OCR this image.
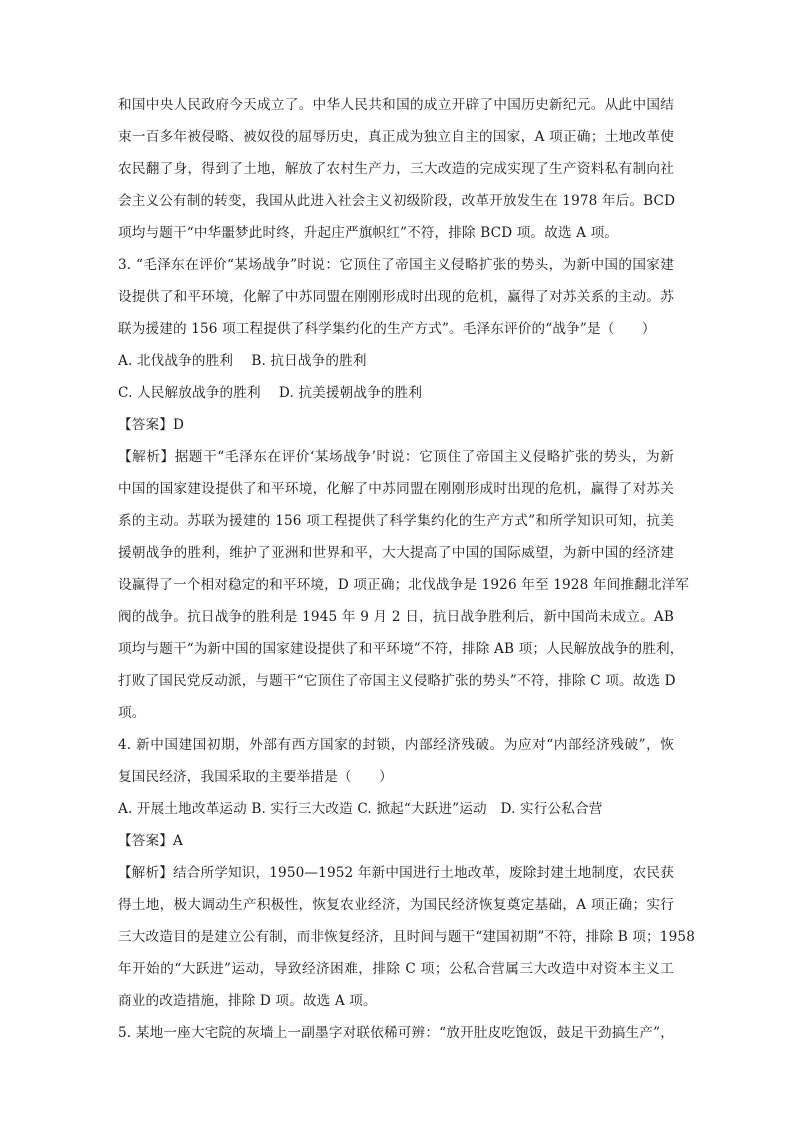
和国中央人民政府今天成立了。中华人民共和国的成立开辟了中国历史新纪元。从此中国结
束一百多年被侵略、被奴役的屈辱历史，真正成为独立自主的国家，A 项正确；土地改革使
农民翻了身，得到了土地，解放了农村生产力，三大改造的完成实现了生产资料私有制向社
会主义公有制的转变，我国从此进入社会主义初级阶段，改革开放发生在 1978 年后。BCD
项均与题干“中华噩梦此时终，升起庄严旗帜红”不符，排除 BCD 项。故选 A 项。
3. “毛泽东在评价“某场战争”时说：它顶住了帝国主义侵略扩张的势头，为新中国的国家建
设提供了和平环境，化解了中苏同盟在刚刚形成时出现的危机，赢得了对苏关系的主动。苏
联为援建的 156 项工程提供了科学集约化的生产方式”。毛泽东评价的“战争”是（　　）
A. 北伐战争的胜利　 B. 抗日战争的胜利
C. 人民解放战争的胜利　 D. 抗美援朝战争的胜利
【答案】D
【解析】据题干“毛泽东在评价‘某场战争’时说：它顶住了帝国主义侵略扩张的势头，为新
中国的国家建设提供了和平环境，化解了中苏同盟在刚刚形成时出现的危机，赢得了对苏关
系的主动。苏联为援建的 156 项工程提供了科学集约化的生产方式”和所学知识可知，抗美
援朝战争的胜利，维护了亚洲和世界和平，大大提高了中国的国际威望，为新中国的经济建
设赢得了一个相对稳定的和平环境，D 项正确；北伐战争是 1926 年至 1928 年间推翻北洋军
阀的战争。抗日战争的胜利是 1945 年 9 月 2 日，抗日战争胜利后，新中国尚未成立。AB
项均与题干“为新中国的国家建设提供了和平环境”不符，排除 AB 项；人民解放战争的胜利，
打败了国民党反动派，与题干“它顶住了帝国主义侵略扩张的势头”不符，排除 C 项。故选 D
项。
4. 新中国建国初期，外部有西方国家的封锁，内部经济残破。为应对“内部经济残破”，恢
复国民经济，我国采取的主要举措是（　　）
A. 开展土地改革运动 B. 实行三大改造 C. 掀起“大跃进”运动　D. 实行公私合营
【答案】A
【解析】结合所学知识，1950—1952 年新中国进行土地改革，废除封建土地制度，农民获
得土地，极大调动生产积极性，恢复农业经济，为国民经济恢复奠定基础，A 项正确；实行
三大改造目的是建立公有制，而非恢复经济，且时间与题干“建国初期”不符，排除 B 项；1958
年开始的“大跃进”运动，导致经济困难，排除 C 项；公私合营属三大改造中对资本主义工
商业的改造措施，排除 D 项。故选 A 项。
5. 某地一座大宅院的灰墙上一副墨字对联依稀可辨：“放开肚皮吃饱饭，鼓足干劲搞生产”，
